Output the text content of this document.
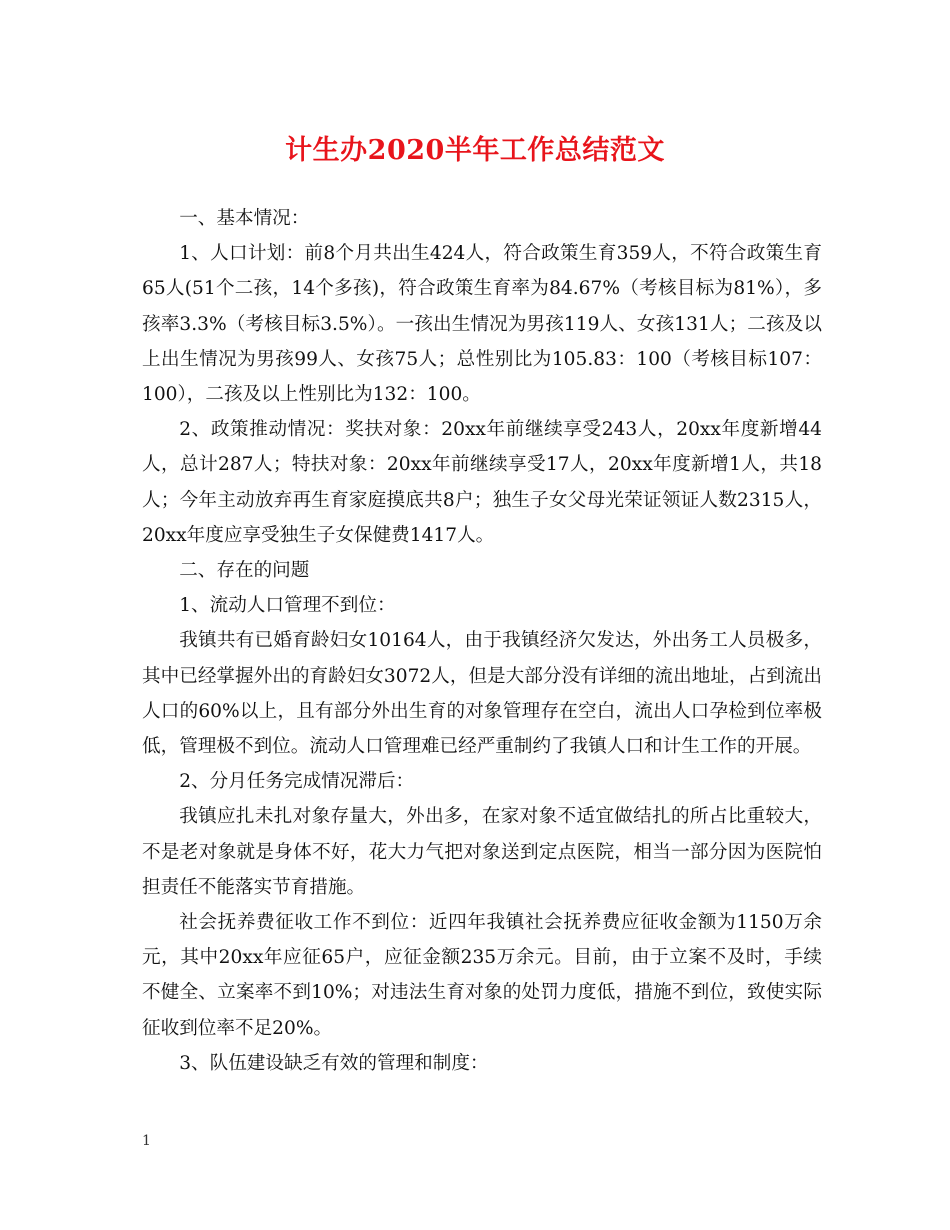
计生办2020半年工作总结范文

一、基本情况：

1、人口计划：前8个月共出生424人，符合政策生育359人，不符合政策生育65人(51个二孩，14个多孩)，符合政策生育率为84.67%（考核目标为81%），多孩率3.3%（考核目标3.5%）。一孩出生情况为男孩119人、女孩131人；二孩及以上出生情况为男孩99人、女孩75人；总性别比为105.83：100（考核目标107：100），二孩及以上性别比为132：100。

2、政策推动情况：奖扶对象：20xx年前继续享受243人，20xx年度新增44人，总计287人；特扶对象：20xx年前继续享受17人，20xx年度新增1人，共18人；今年主动放弃再生育家庭摸底共8户；独生子女父母光荣证领证人数2315人，20xx年度应享受独生子女保健费1417人。

二、存在的问题

1、流动人口管理不到位：

我镇共有已婚育龄妇女10164人，由于我镇经济欠发达，外出务工人员极多，其中已经掌握外出的育龄妇女3072人，但是大部分没有详细的流出地址，占到流出人口的60%以上，且有部分外出生育的对象管理存在空白，流出人口孕检到位率极低，管理极不到位。流动人口管理难已经严重制约了我镇人口和计生工作的开展。

2、分月任务完成情况滞后：

我镇应扎未扎对象存量大，外出多，在家对象不适宜做结扎的所占比重较大，不是老对象就是身体不好，花大力气把对象送到定点医院，相当一部分因为医院怕担责任不能落实节育措施。

社会抚养费征收工作不到位：近四年我镇社会抚养费应征收金额为1150万余元，其中20xx年应征65户，应征金额235万余元。目前，由于立案不及时，手续不健全、立案率不到10%；对违法生育对象的处罚力度低，措施不到位，致使实际征收到位率不足20%。

3、队伍建设缺乏有效的管理和制度：

1
